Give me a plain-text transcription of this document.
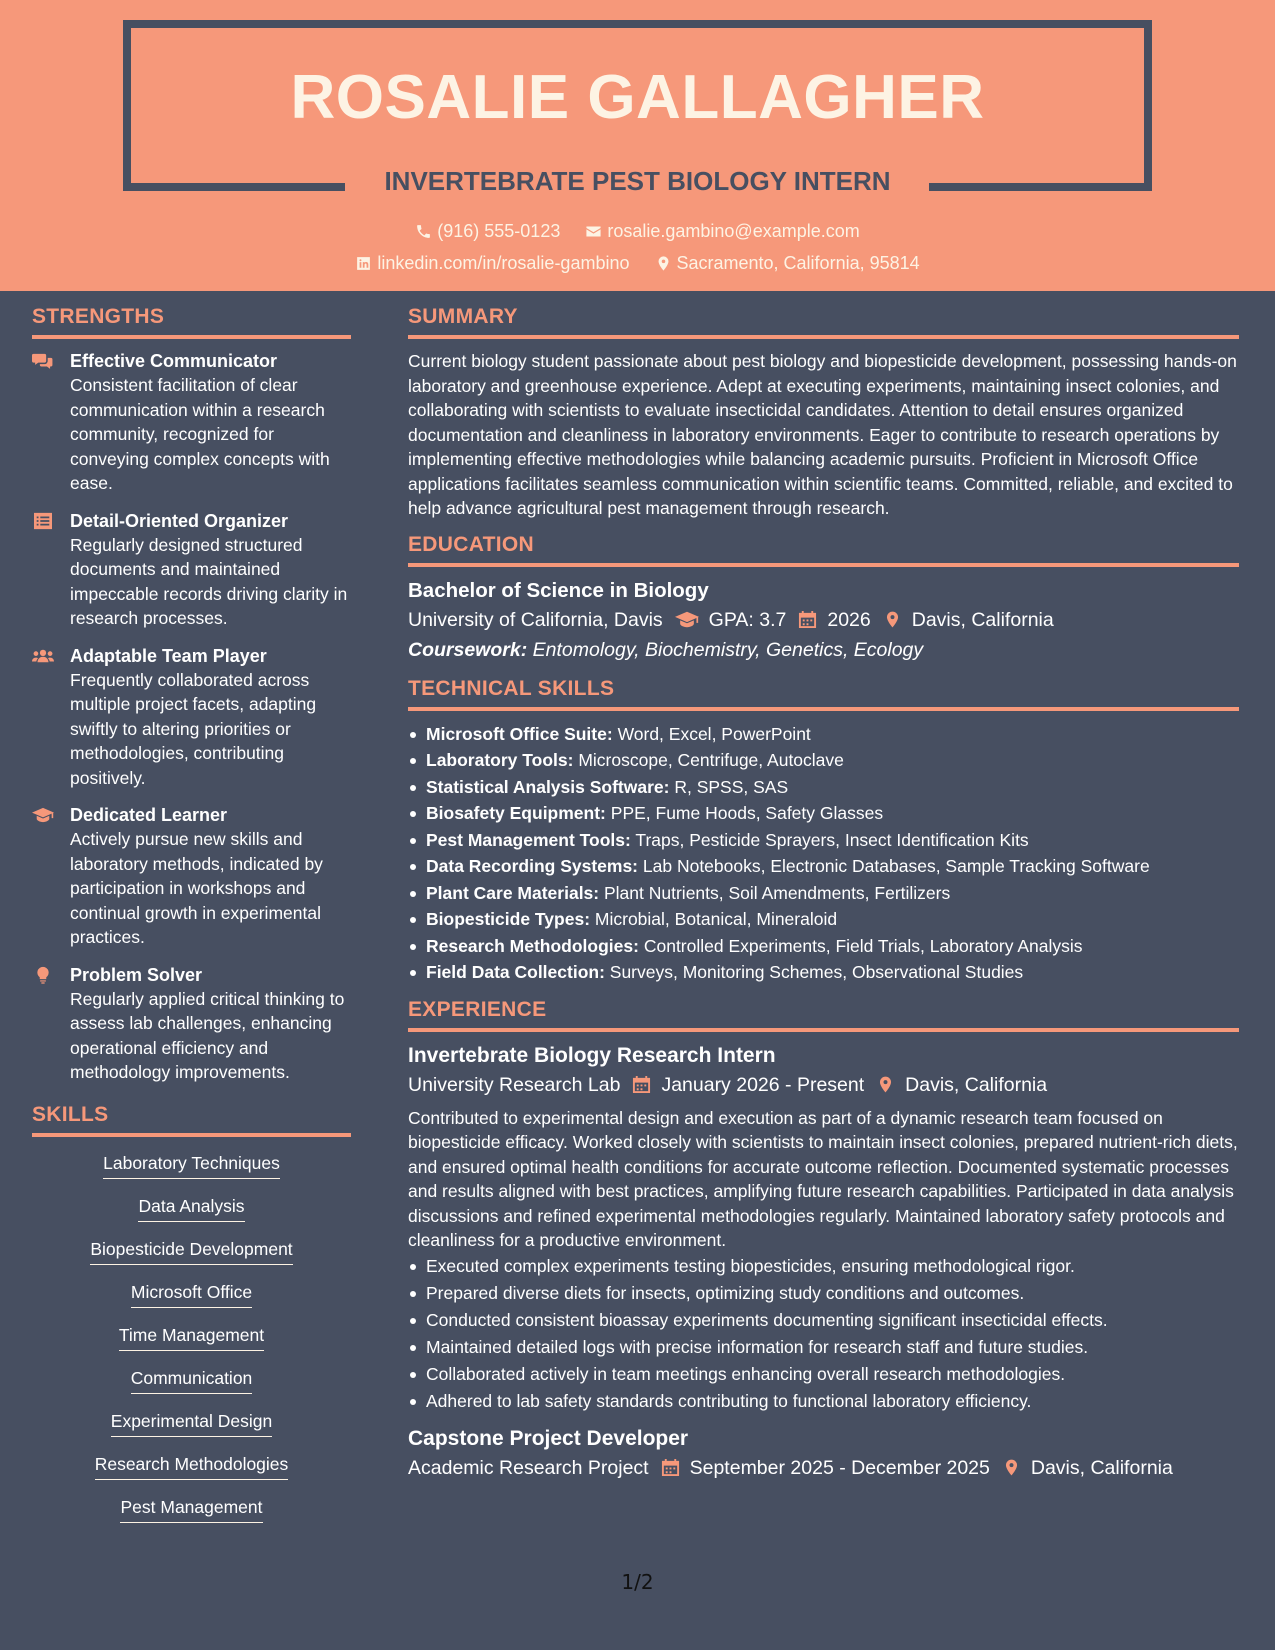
ROSALIE GALLAGHER
INVERTEBRATE PEST BIOLOGY INTERN
(916) 555-0123
	rosalie.gambino@example.com
linkedin.com/in/rosalie-gambino
	Sacramento, California, 95814
STRENGTHS
Effective Communicator
Consistent facilitation of clear communication within a research community, recognized for conveying complex concepts with ease.
Detail-Oriented Organizer
Regularly designed structured documents and maintained impeccable records driving clarity in research processes.
Adaptable Team Player
Frequently collaborated across multiple project facets, adapting swiftly to altering priorities or methodologies, contributing positively.
Dedicated Learner
Actively pursue new skills and laboratory methods, indicated by participation in workshops and continual growth in experimental practices.
Problem Solver
Regularly applied critical thinking to assess lab challenges, enhancing operational efficiency and methodology improvements.
SKILLS
Laboratory Techniques
Data Analysis
Biopesticide Development
Microsoft Office
Time Management
Communication
Experimental Design
Research Methodologies
Pest Management
SUMMARY
Current biology student passionate about pest biology and biopesticide development, possessing hands-on laboratory and greenhouse experience. Adept at executing experiments, maintaining insect colonies, and collaborating with scientists to evaluate insecticidal candidates. Attention to detail ensures organized documentation and cleanliness in laboratory environments. Eager to contribute to research operations by implementing effective methodologies while balancing academic pursuits. Proficient in Microsoft Office applications facilitates seamless communication within scientific teams. Committed, reliable, and excited to help advance agricultural pest management through research.
EDUCATION
Bachelor of Science in Biology
University of California, Davis GPA: 3.7 2026 Davis, California
Coursework: Entomology, Biochemistry, Genetics, Ecology
TECHNICAL SKILLS
Microsoft Office Suite: Word, Excel, PowerPoint
Laboratory Tools: Microscope, Centrifuge, Autoclave
Statistical Analysis Software: R, SPSS, SAS
Biosafety Equipment: PPE, Fume Hoods, Safety Glasses
Pest Management Tools: Traps, Pesticide Sprayers, Insect Identification Kits
Data Recording Systems: Lab Notebooks, Electronic Databases, Sample Tracking Software
Plant Care Materials: Plant Nutrients, Soil Amendments, Fertilizers
Biopesticide Types: Microbial, Botanical, Mineraloid
Research Methodologies: Controlled Experiments, Field Trials, Laboratory Analysis
Field Data Collection: Surveys, Monitoring Schemes, Observational Studies
EXPERIENCE
Invertebrate Biology Research Intern
University Research Lab January 2026 - Present Davis, California
Contributed to experimental design and execution as part of a dynamic research team focused on biopesticide efficacy. Worked closely with scientists to maintain insect colonies, prepared nutrient-rich diets, and ensured optimal health conditions for accurate outcome reflection. Documented systematic processes and results aligned with best practices, amplifying future research capabilities. Participated in data analysis discussions and refined experimental methodologies regularly. Maintained laboratory safety protocols and cleanliness for a productive environment.
Executed complex experiments testing biopesticides, ensuring methodological rigor.
Prepared diverse diets for insects, optimizing study conditions and outcomes.
Conducted consistent bioassay experiments documenting significant insecticidal effects.
Maintained detailed logs with precise information for research staff and future studies.
Collaborated actively in team meetings enhancing overall research methodologies.
Adhered to lab safety standards contributing to functional laboratory efficiency.
Capstone Project Developer
Academic Research Project September 2025 - December 2025 Davis, California
1/2
